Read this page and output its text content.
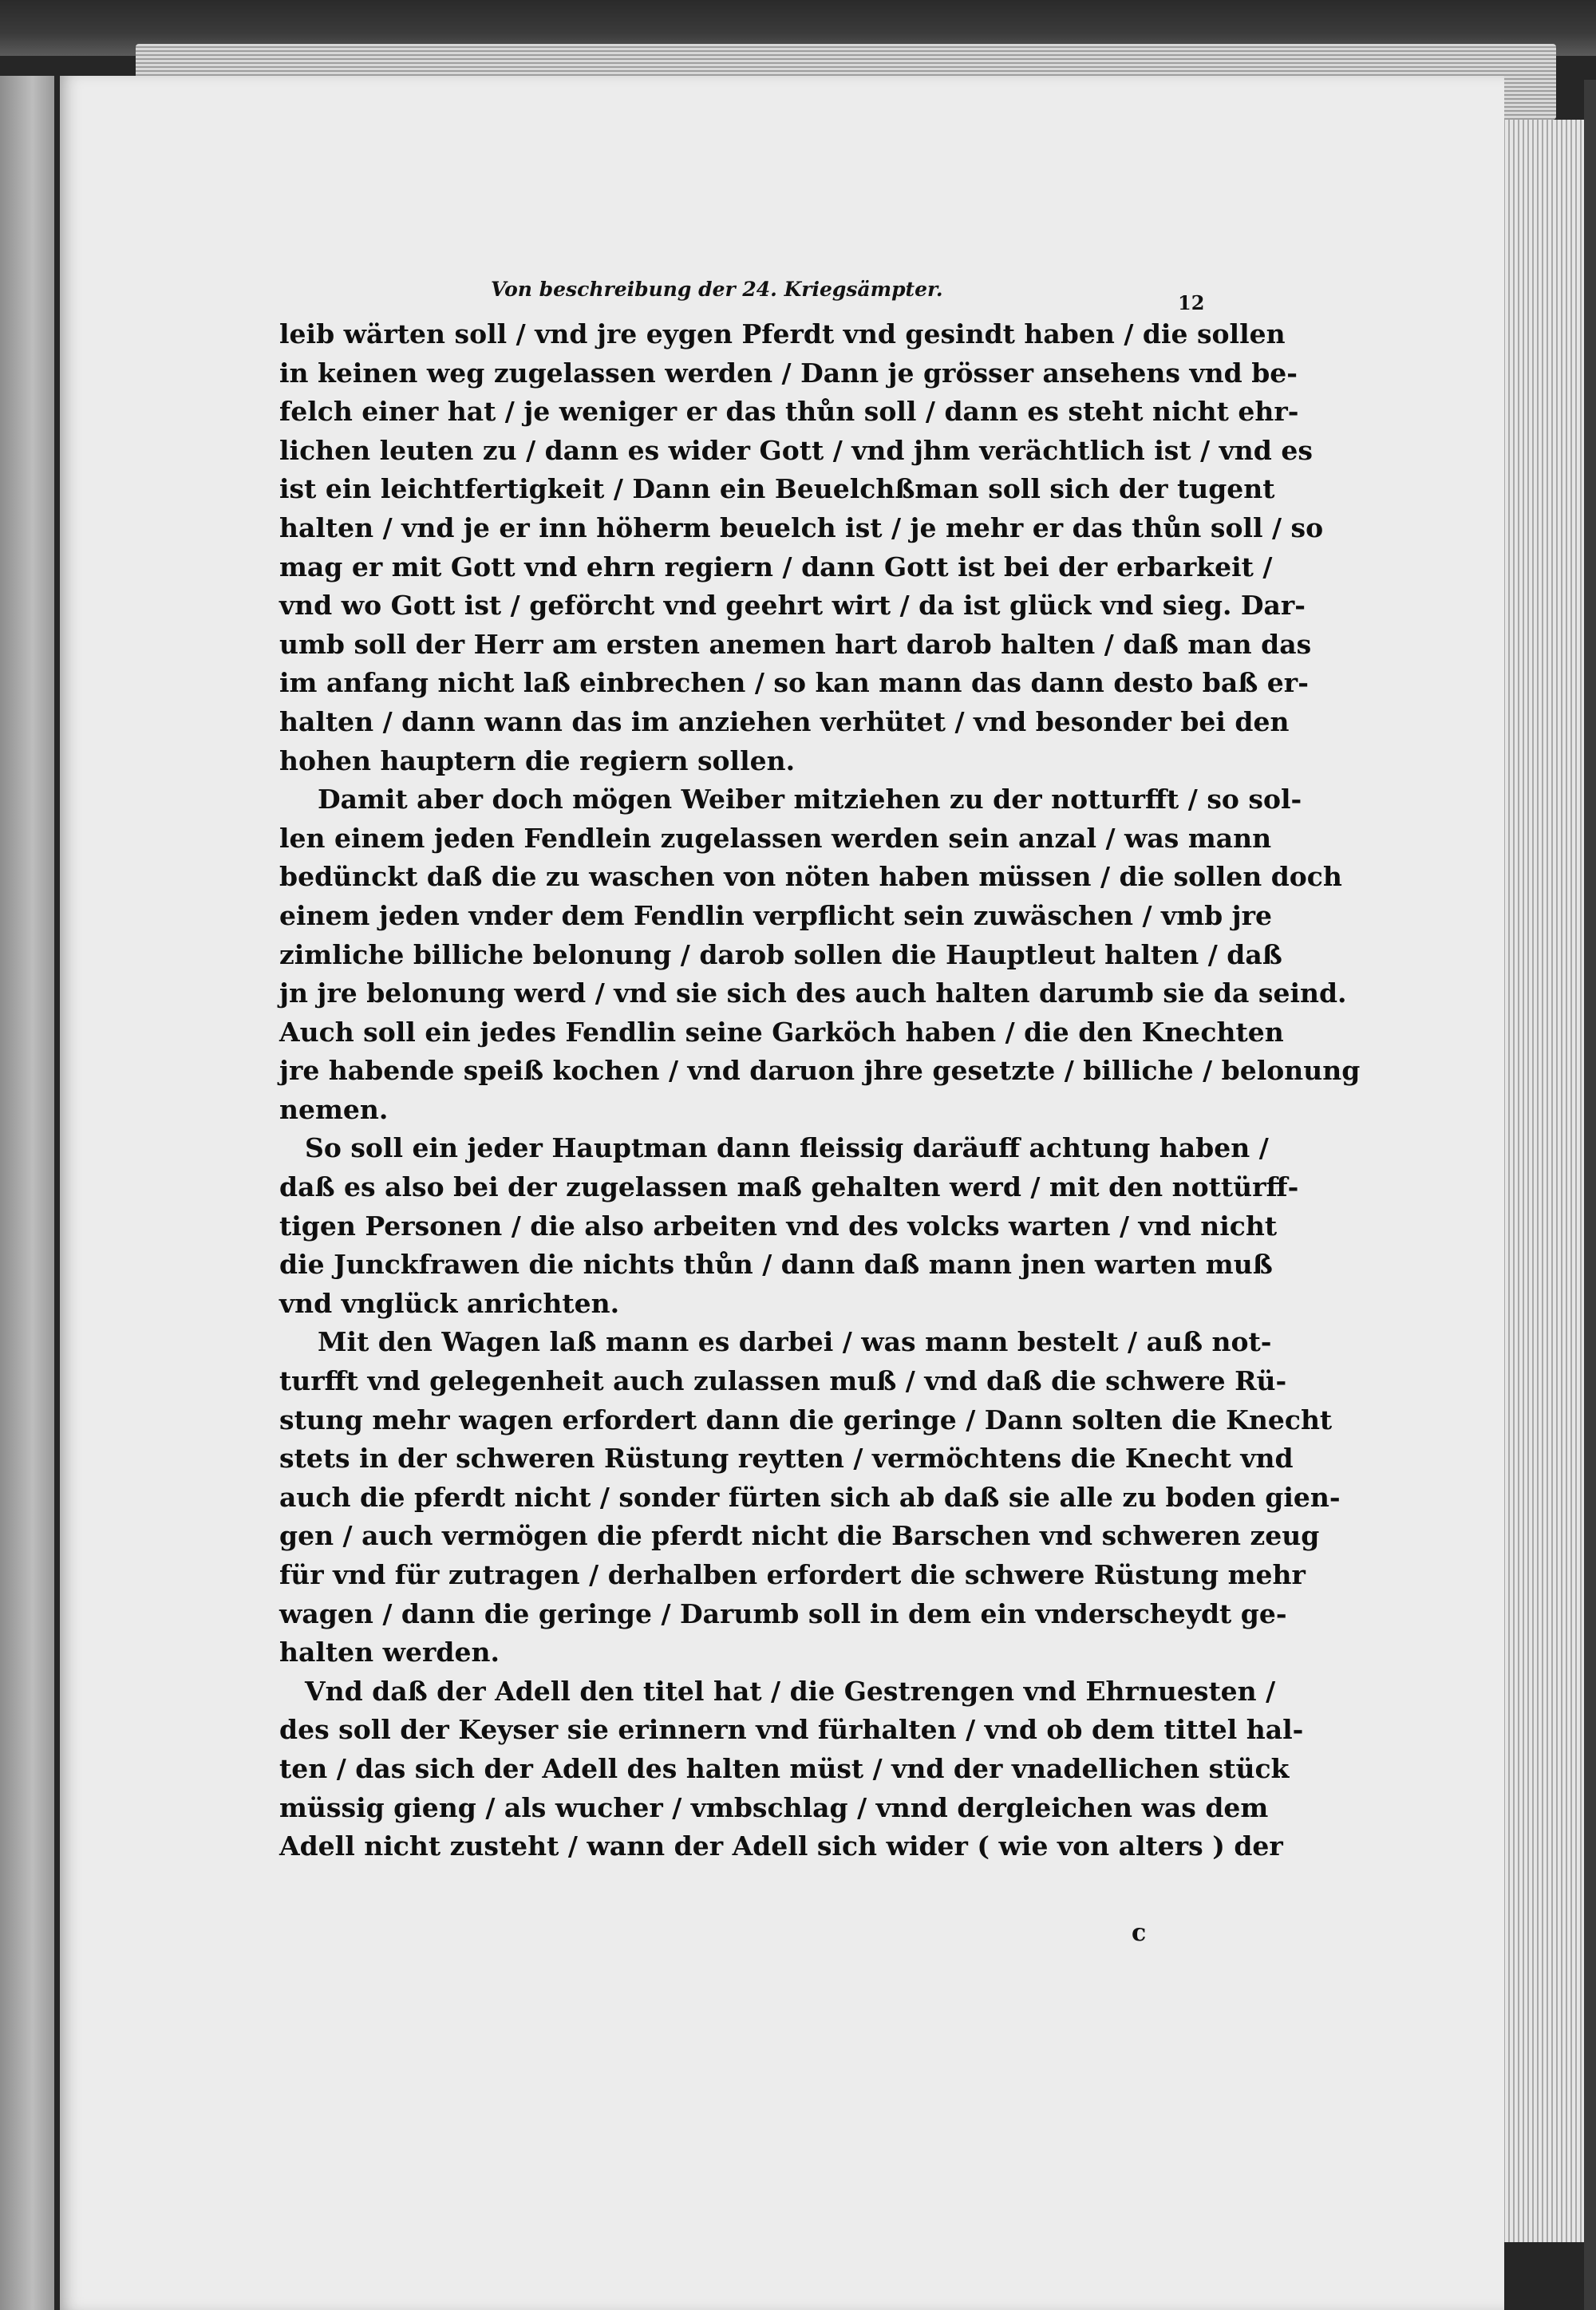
Von beschreibung der 24. Kriegsämpter.
12
leib wärten soll / vnd jre eygen Pferdt vnd gesindt haben / die sollen
in keinen weg zugelassen werden / Dann je grösser ansehens vnd be-
felch einer hat / je weniger er das thůn soll / dann es steht nicht ehr-
lichen leuten zu / dann es wider Gott / vnd jhm verächtlich ist / vnd es
ist ein leichtfertigkeit / Dann ein Beuelchßman soll sich der tugent
halten / vnd je er inn höherm beuelch ist / je mehr er das thůn soll / so
mag er mit Gott vnd ehrn regiern / dann Gott ist bei der erbarkeit /
vnd wo Gott ist / geförcht vnd geehrt wirt / da ist glück vnd sieg. Dar-
umb soll der Herr am ersten anemen hart darob halten / daß man das
im anfang nicht laß einbrechen / so kan mann das dann desto baß er-
halten / dann wann das im anziehen verhütet / vnd besonder bei den
hohen hauptern die regiern sollen.
Damit aber doch mögen Weiber mitziehen zu der notturfft / so sol-
len einem jeden Fendlein zugelassen werden sein anzal / was mann
bedünckt daß die zu waschen von nöten haben müssen / die sollen doch
einem jeden vnder dem Fendlin verpflicht sein zuwäschen / vmb jre
zimliche billiche belonung / darob sollen die Hauptleut halten / daß
jn jre belonung werd / vnd sie sich des auch halten darumb sie da seind.
Auch soll ein jedes Fendlin seine Garköch haben / die den Knechten
jre habende speiß kochen / vnd daruon jhre gesetzte / billiche / belonung
nemen.
So soll ein jeder Hauptman dann fleissig daräuff achtung haben /
daß es also bei der zugelassen maß gehalten werd / mit den nottürff-
tigen Personen / die also arbeiten vnd des volcks warten / vnd nicht
die Junckfrawen die nichts thůn / dann daß mann jnen warten muß
vnd vnglück anrichten.
Mit den Wagen laß mann es darbei / was mann bestelt / auß not-
turfft vnd gelegenheit auch zulassen muß / vnd daß die schwere Rü-
stung mehr wagen erfordert dann die geringe / Dann solten die Knecht
stets in der schweren Rüstung reytten / vermöchtens die Knecht vnd
auch die pferdt nicht / sonder fürten sich ab daß sie alle zu boden gien-
gen / auch vermögen die pferdt nicht die Barschen vnd schweren zeug
für vnd für zutragen / derhalben erfordert die schwere Rüstung mehr
wagen / dann die geringe / Darumb soll in dem ein vnderscheydt ge-
halten werden.
Vnd daß der Adell den titel hat / die Gestrengen vnd Ehrnuesten /
des soll der Keyser sie erinnern vnd fürhalten / vnd ob dem tittel hal-
ten / das sich der Adell des halten müst / vnd der vnadellichen stück
müssig gieng / als wucher / vmbschlag / vnnd dergleichen was dem
Adell nicht zusteht / wann der Adell sich wider ( wie von alters ) der
c
